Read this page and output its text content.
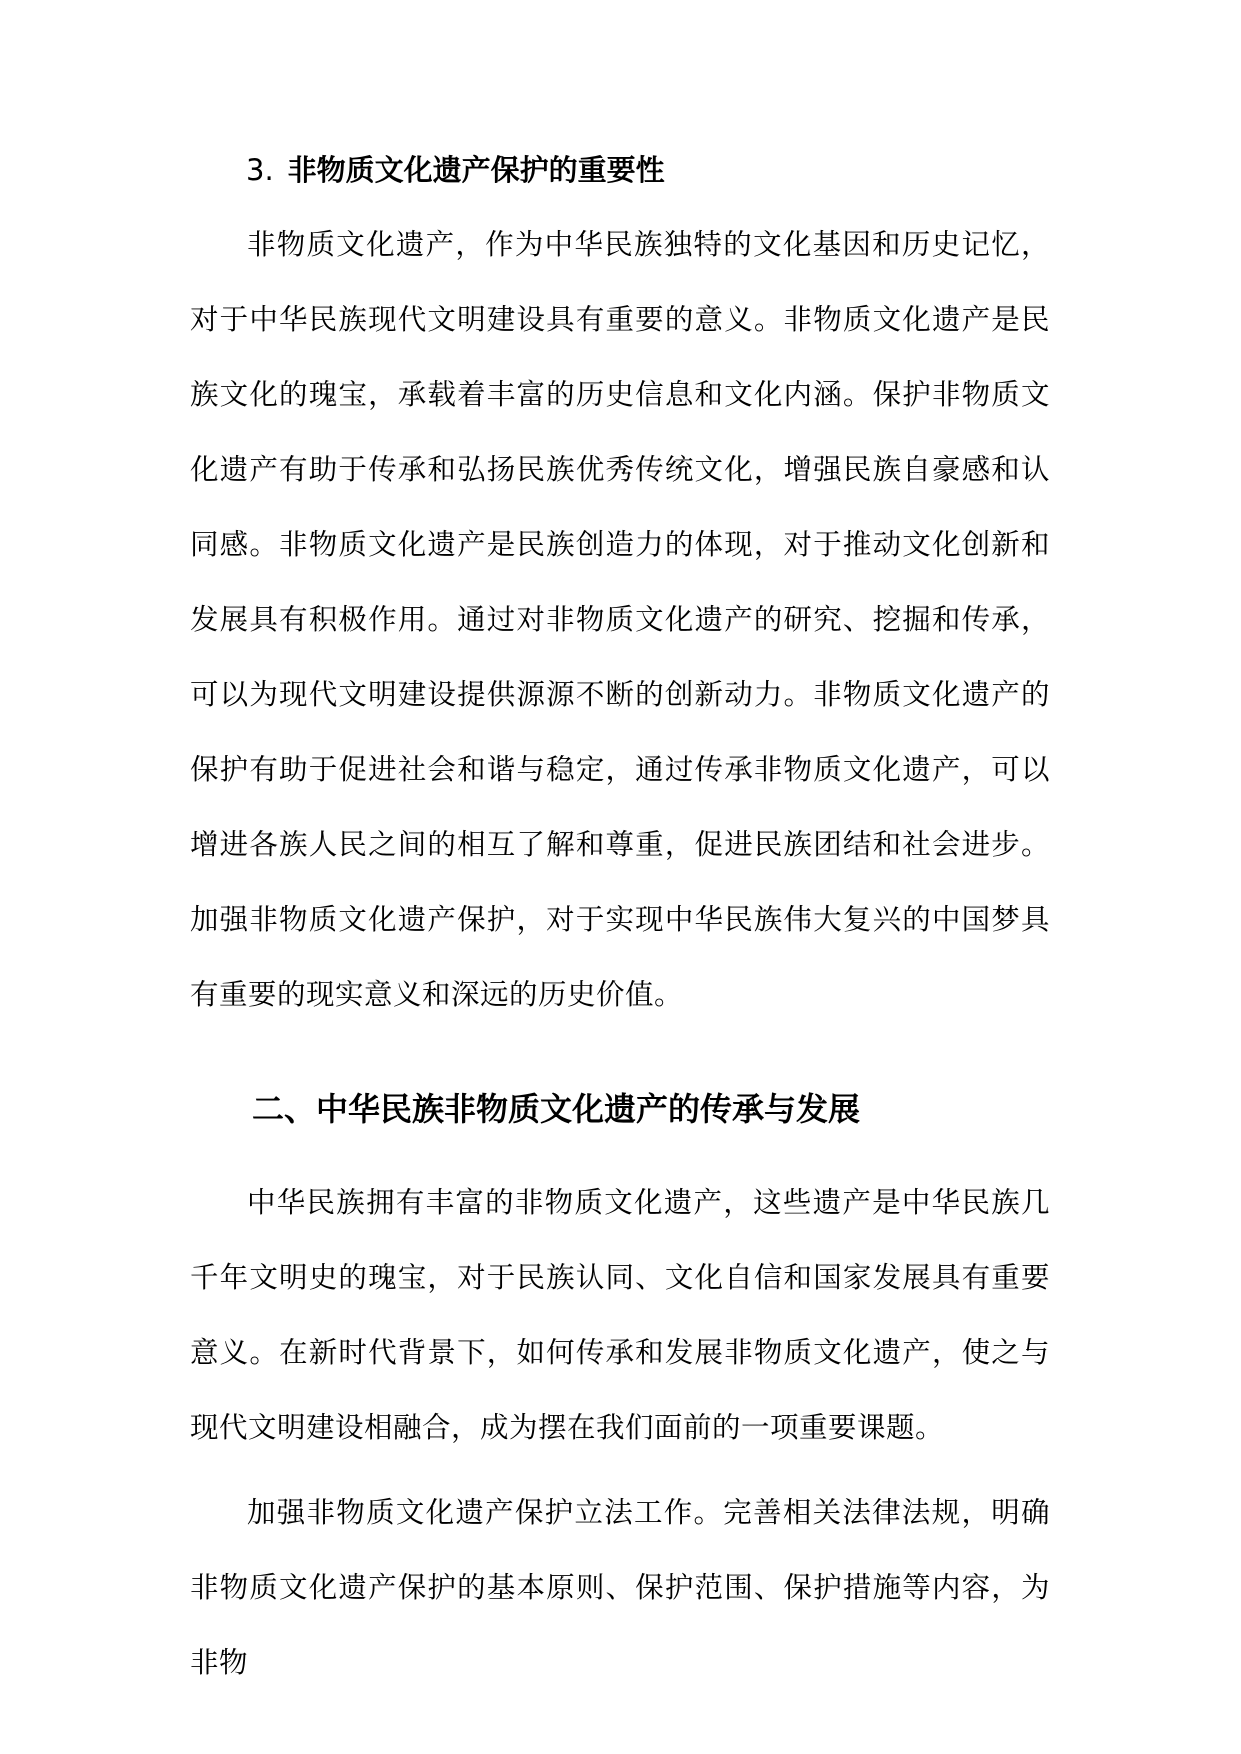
3. 非物质文化遗产保护的重要性

非物质文化遗产，作为中华民族独特的文化基因和历史记忆，对于中华民族现代文明建设具有重要的意义。非物质文化遗产是民族文化的瑰宝，承载着丰富的历史信息和文化内涵。保护非物质文化遗产有助于传承和弘扬民族优秀传统文化，增强民族自豪感和认同感。非物质文化遗产是民族创造力的体现，对于推动文化创新和发展具有积极作用。通过对非物质文化遗产的研究、挖掘和传承，可以为现代文明建设提供源源不断的创新动力。非物质文化遗产的保护有助于促进社会和谐与稳定，通过传承非物质文化遗产，可以增进各族人民之间的相互了解和尊重，促进民族团结和社会进步。加强非物质文化遗产保护，对于实现中华民族伟大复兴的中国梦具有重要的现实意义和深远的历史价值。

二、中华民族非物质文化遗产的传承与发展

中华民族拥有丰富的非物质文化遗产，这些遗产是中华民族几千年文明史的瑰宝，对于民族认同、文化自信和国家发展具有重要意义。在新时代背景下，如何传承和发展非物质文化遗产，使之与现代文明建设相融合，成为摆在我们面前的一项重要课题。

加强非物质文化遗产保护立法工作。完善相关法律法规，明确非物质文化遗产保护的基本原则、保护范围、保护措施等内容，为非物
